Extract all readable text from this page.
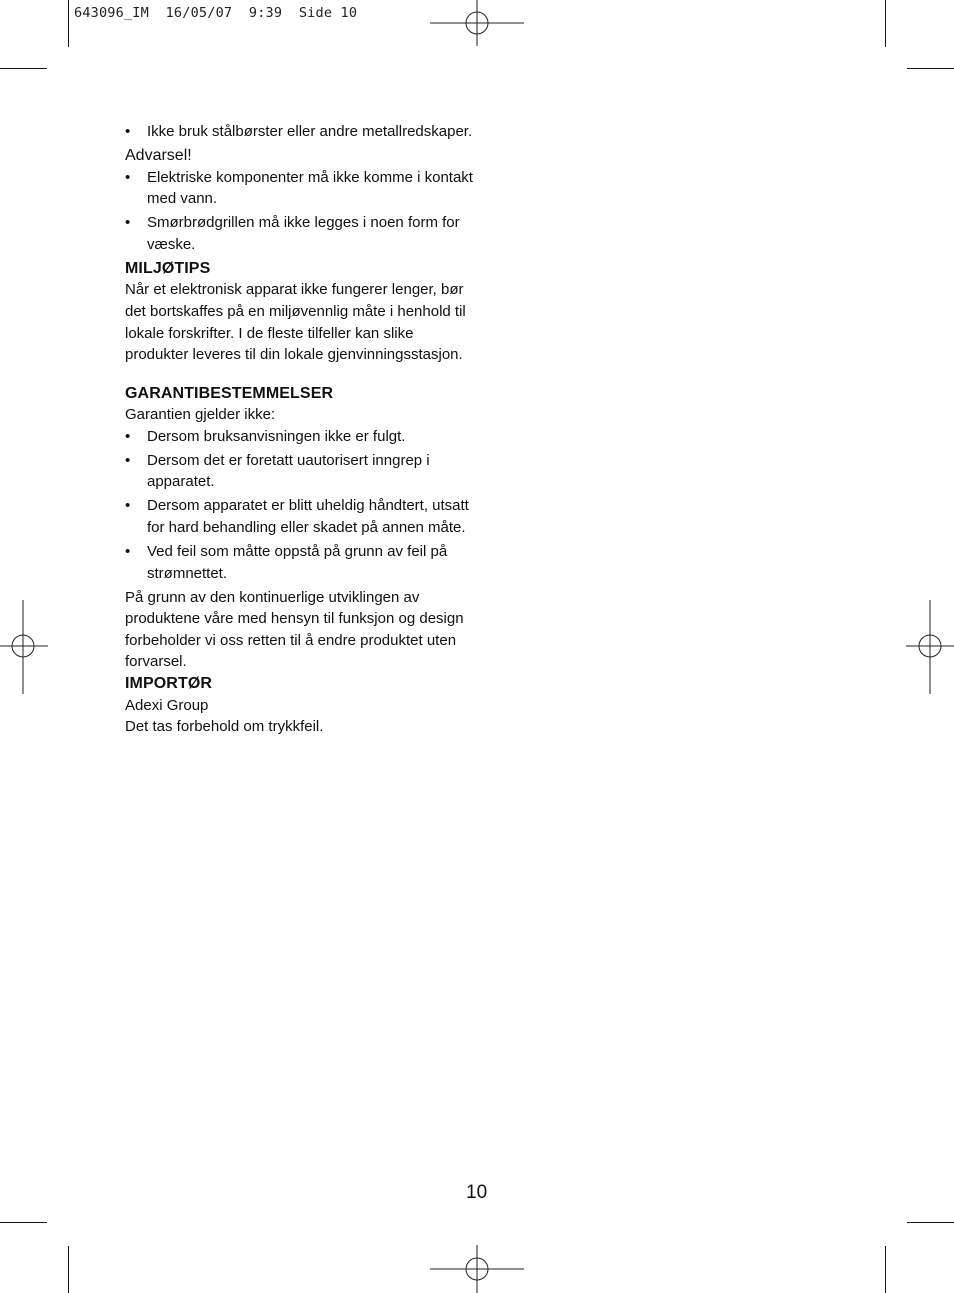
643096_IM  16/05/07  9:39  Side 10
• Ikke bruk stålbørster eller andre metallredskaper.

Advarsel!

• Elektriske komponenter må ikke komme i kontakt med vann.
• Smørbrødgrillen må ikke legges i noen form for væske.

MILJØTIPS

Når et elektronisk apparat ikke fungerer lenger, bør det bortskaffes på en miljøvennlig måte i henhold til lokale forskrifter. I de fleste tilfeller kan slike produkter leveres til din lokale gjenvinningsstasjon.

GARANTIBESTEMMELSER

Garantien gjelder ikke:

• Dersom bruksanvisningen ikke er fulgt.
• Dersom det er foretatt uautorisert inngrep i apparatet.
• Dersom apparatet er blitt uheldig håndtert, utsatt for hard behandling eller skadet på annen måte.
• Ved feil som måtte oppstå på grunn av feil på strømnettet.

På grunn av den kontinuerlige utviklingen av produktene våre med hensyn til funksjon og design forbeholder vi oss retten til å endre produktet uten forvarsel.

IMPORTØR

Adexi Group

Det tas forbehold om trykkfeil.

10
